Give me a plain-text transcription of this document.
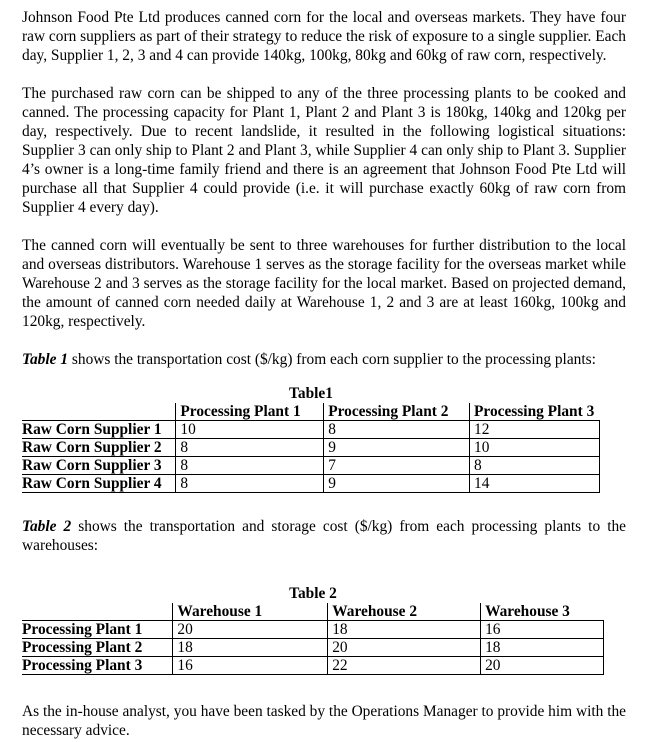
Johnson Food Pte Ltd produces canned corn for the local and overseas markets. They have four raw corn suppliers as part of their strategy to reduce the risk of exposure to a single supplier. Each day, Supplier 1, 2, 3 and 4 can provide 140kg, 100kg, 80kg and 60kg of raw corn, respectively.

The purchased raw corn can be shipped to any of the three processing plants to be cooked and canned. The processing capacity for Plant 1, Plant 2 and Plant 3 is 180kg, 140kg and 120kg per day, respectively. Due to recent landslide, it resulted in the following logistical situations: Supplier 3 can only ship to Plant 2 and Plant 3, while Supplier 4 can only ship to Plant 3. Supplier 4’s owner is a long-time family friend and there is an agreement that Johnson Food Pte Ltd will purchase all that Supplier 4 could provide (i.e. it will purchase exactly 60kg of raw corn from Supplier 4 every day).

The canned corn will eventually be sent to three warehouses for further distribution to the local and overseas distributors. Warehouse 1 serves as the storage facility for the overseas market while Warehouse 2 and 3 serves as the storage facility for the local market. Based on projected demand, the amount of canned corn needed daily at Warehouse 1, 2 and 3 are at least 160kg, 100kg and 120kg, respectively.

Table 1 shows the transportation cost ($/kg) from each corn supplier to the processing plants:

Table1
	Processing Plant 1	Processing Plant 2	Processing Plant 3
Raw Corn Supplier 1	10	8	12
Raw Corn Supplier 2	8	9	10
Raw Corn Supplier 3	8	7	8
Raw Corn Supplier 4	8	9	14

Table 2 shows the transportation and storage cost ($/kg) from each processing plants to the warehouses:

Table 2
	Warehouse 1	Warehouse 2	Warehouse 3
Processing Plant 1	20	18	16
Processing Plant 2	18	20	18
Processing Plant 3	16	22	20

As the in-house analyst, you have been tasked by the Operations Manager to provide him with the necessary advice.
